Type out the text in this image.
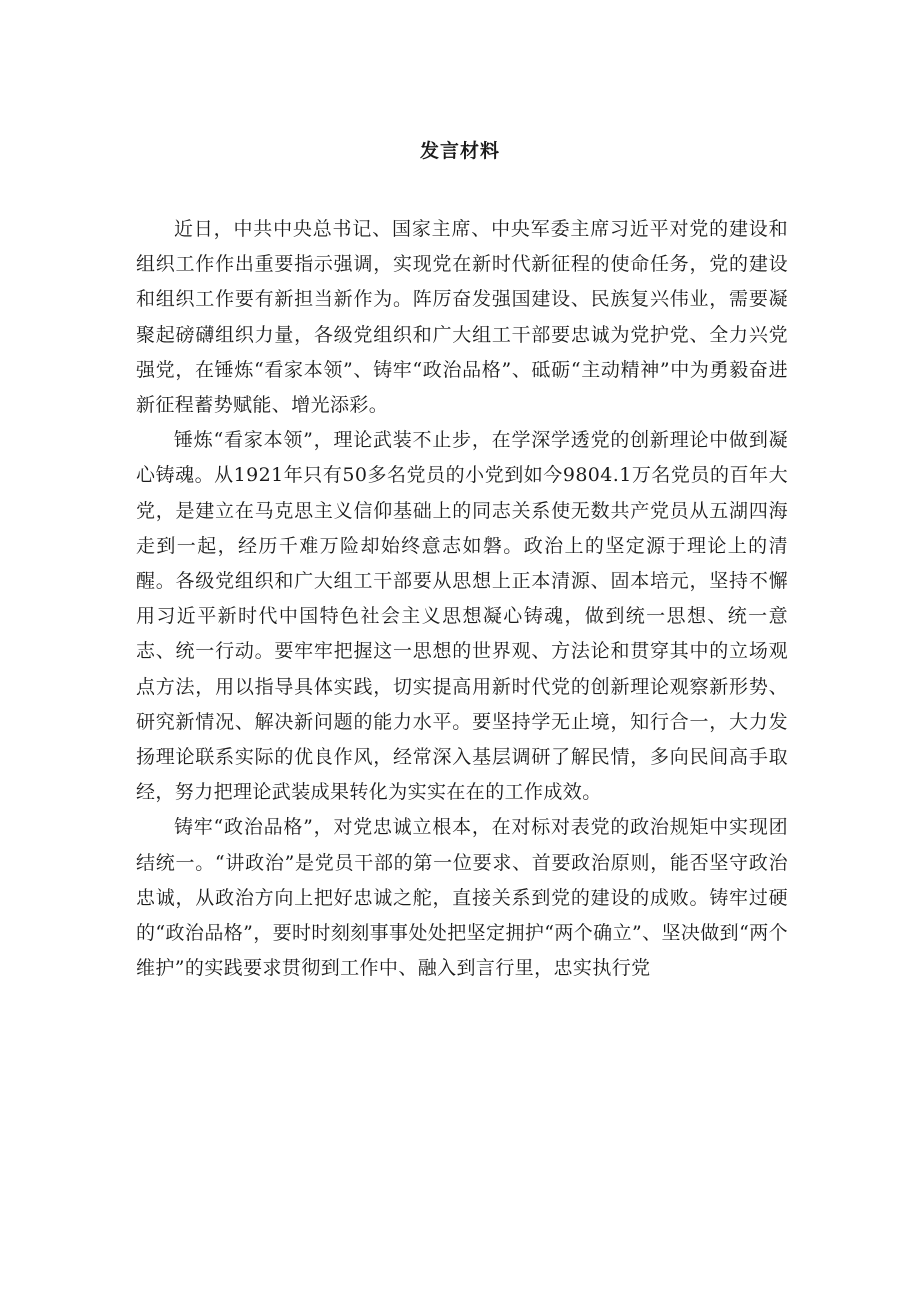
发言材料

近日，中共中央总书记、国家主席、中央军委主席习近平对党的建设和组织工作作出重要指示强调，实现党在新时代新征程的使命任务，党的建设和组织工作要有新担当新作为。阵厉奋发强国建设、民族复兴伟业，需要凝聚起磅礴组织力量，各级党组织和广大组工干部要忠诚为党护党、全力兴党强党，在锤炼“看家本领”、铸牢“政治品格”、砥砺“主动精神”中为勇毅奋进新征程蓄势赋能、增光添彩。

锤炼“看家本领”，理论武装不止步，在学深学透党的创新理论中做到凝心铸魂。从1921年只有50多名党员的小党到如今9804.1万名党员的百年大党，是建立在马克思主义信仰基础上的同志关系使无数共产党员从五湖四海走到一起，经历千难万险却始终意志如磐。政治上的坚定源于理论上的清醒。各级党组织和广大组工干部要从思想上正本清源、固本培元，坚持不懈用习近平新时代中国特色社会主义思想凝心铸魂，做到统一思想、统一意志、统一行动。要牢牢把握这一思想的世界观、方法论和贯穿其中的立场观点方法，用以指导具体实践，切实提高用新时代党的创新理论观察新形势、研究新情况、解决新问题的能力水平。要坚持学无止境，知行合一，大力发扬理论联系实际的优良作风，经常深入基层调研了解民情，多向民间高手取经，努力把理论武装成果转化为实实在在的工作成效。

铸牢“政治品格”，对党忠诚立根本，在对标对表党的政治规矩中实现团结统一。“讲政治”是党员干部的第一位要求、首要政治原则，能否坚守政治忠诚，从政治方向上把好忠诚之舵，直接关系到党的建设的成败。铸牢过硬的“政治品格”，要时时刻刻事事处处把坚定拥护“两个确立”、坚决做到“两个维护”的实践要求贯彻到工作中、融入到言行里，忠实执行党
